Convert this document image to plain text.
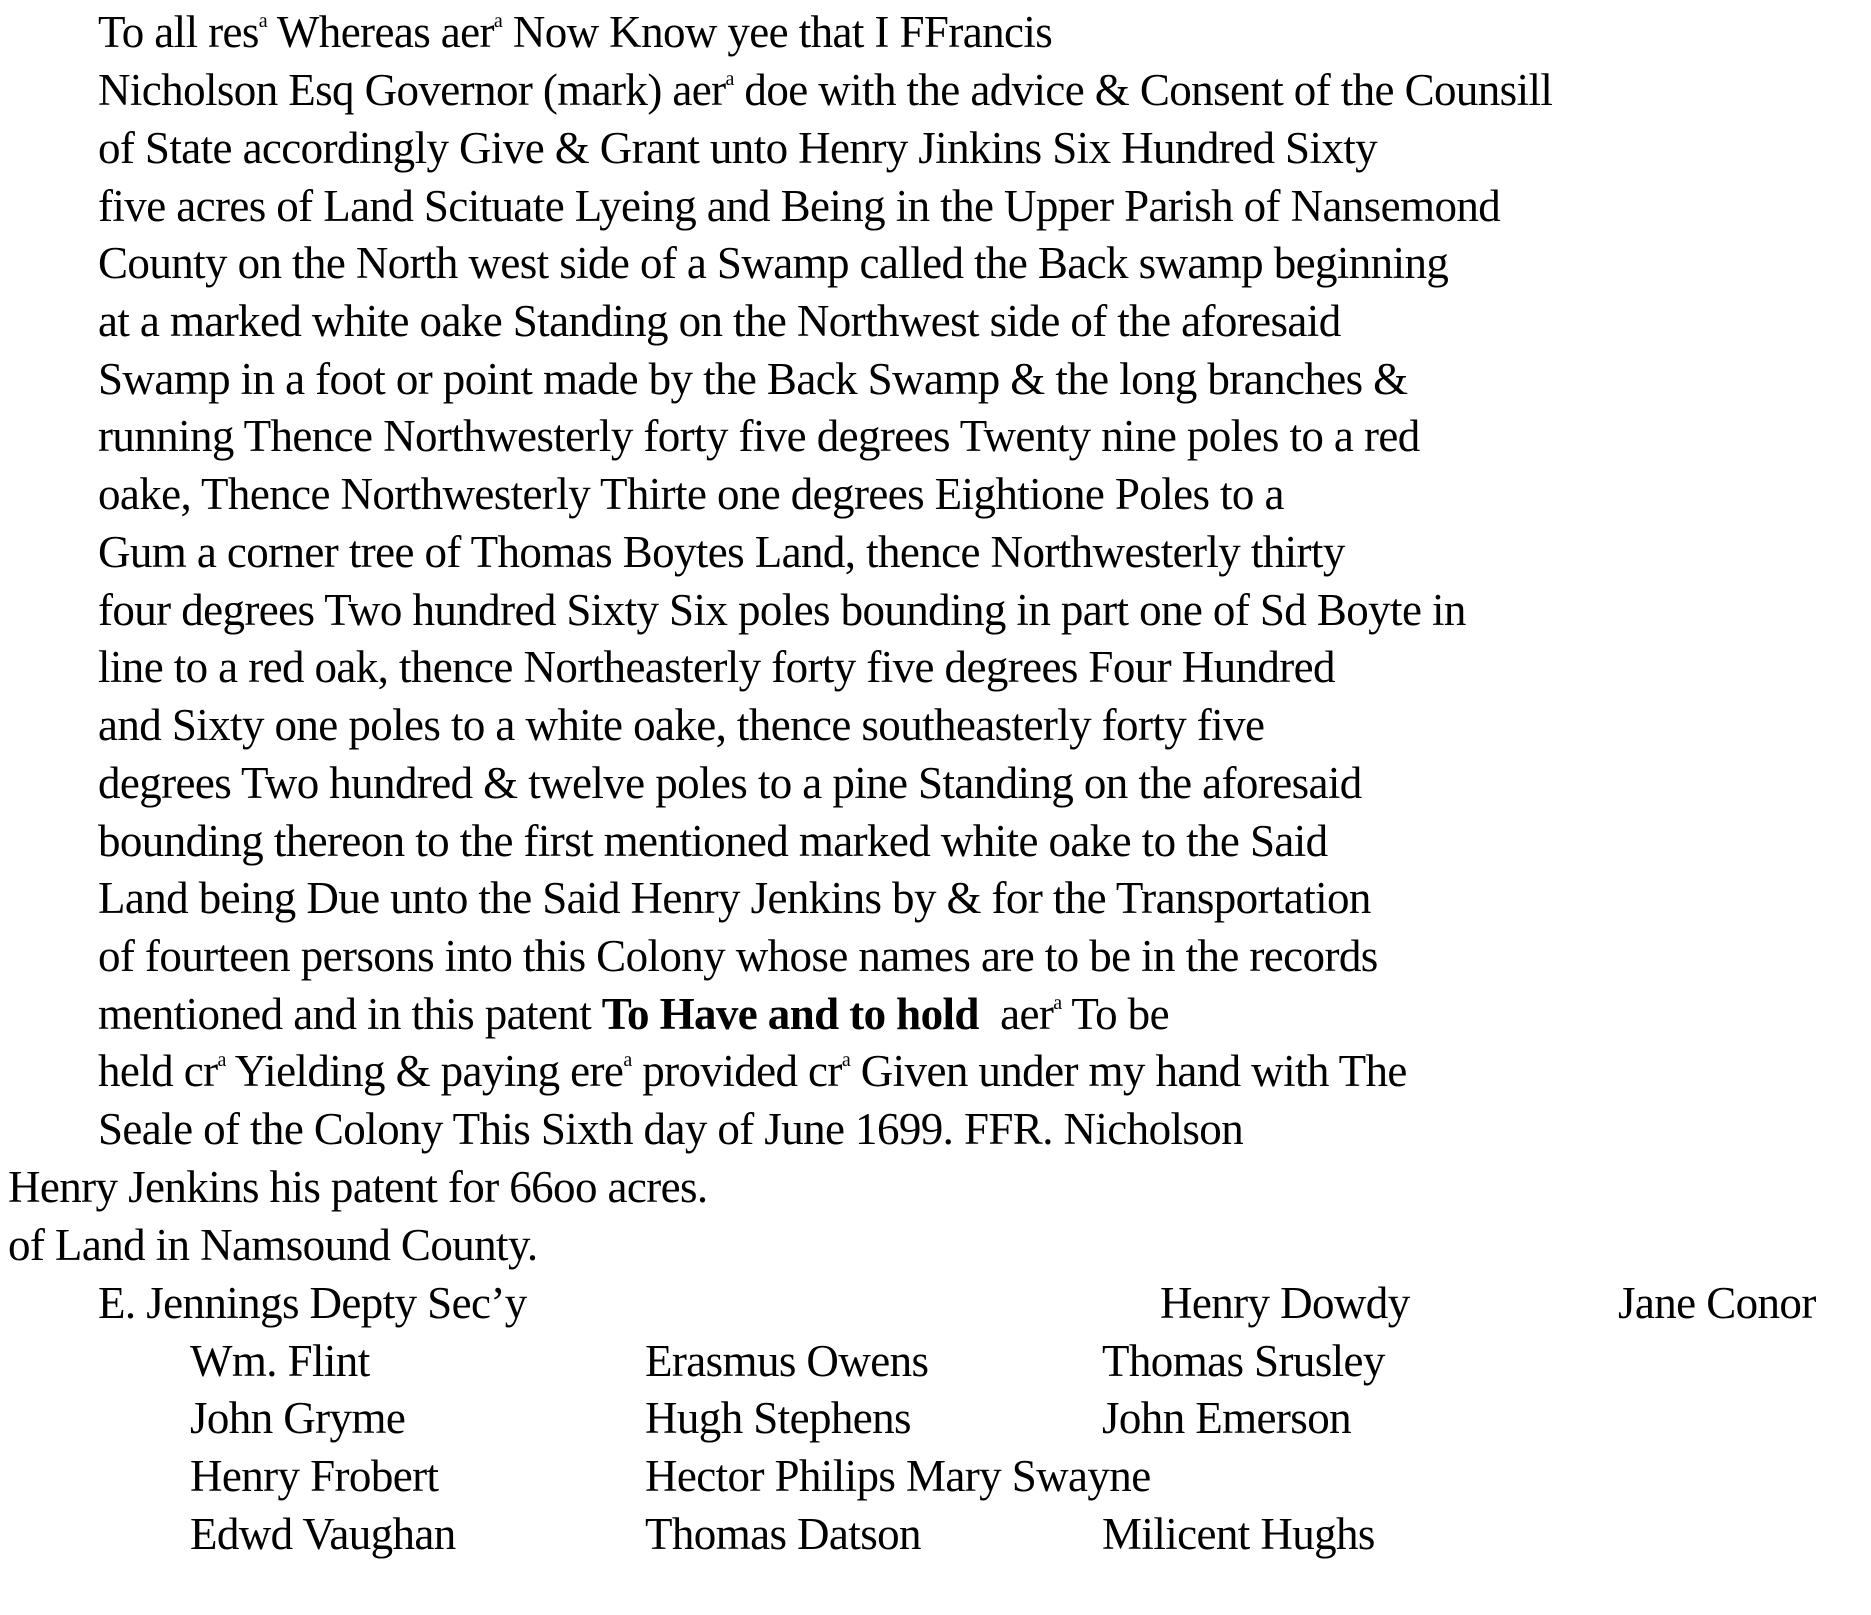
To all res$^a$ Whereas aer$^a$ Now Know yee that I FFrancis
Nicholson Esq Governor (mark) aer$^a$ doe with the advice & Consent of the Counsill
of State accordingly Give & Grant unto Henry Jinkins Six Hundred Sixty
five acres of Land Scituate Lyeing and Being in the Upper Parish of Nansemond
County on the North west side of a Swamp called the Back swamp beginning
at a marked white oake Standing on the Northwest side of the aforesaid
Swamp in a foot or point made by the Back Swamp & the long branches &
running Thence Northwesterly forty five degrees Twenty nine poles to a red
oake, Thence Northwesterly Thirte one degrees Eightione Poles to a
Gum a corner tree of Thomas Boytes Land, thence Northwesterly thirty
four degrees Two hundred Sixty Six poles bounding in part one of Sd Boyte in
line to a red oak, thence Northeasterly forty five degrees Four Hundred
and Sixty one poles to a white oake, thence southeasterly forty five
degrees Two hundred & twelve poles to a pine Standing on the aforesaid
bounding thereon to the first mentioned marked white oake to the Said
Land being Due unto the Said Henry Jenkins by & for the Transportation
of fourteen persons into this Colony whose names are to be in the records
mentioned and in this patent To Have and to hold  aer$^a$ To be
held $cr^a$ Yielding & paying ere$^a$ provided $cr^a$ Given under my hand with The
Seale of the Colony This Sixth day of June 1699. FFR. Nicholson
Henry Jenkins his patent for 66oo acres.
of Land in Namsound County.
E. Jennings Depty Sec’y	Henry Dowdy	Jane Conor
Wm. Flint	Erasmus Owens	Thomas Srusley
John Gryme	Hugh Stephens	John Emerson
Henry Frobert	Hector Philips Mary Swayne
Edwd Vaughan	Thomas Datson	Milicent Hughs
